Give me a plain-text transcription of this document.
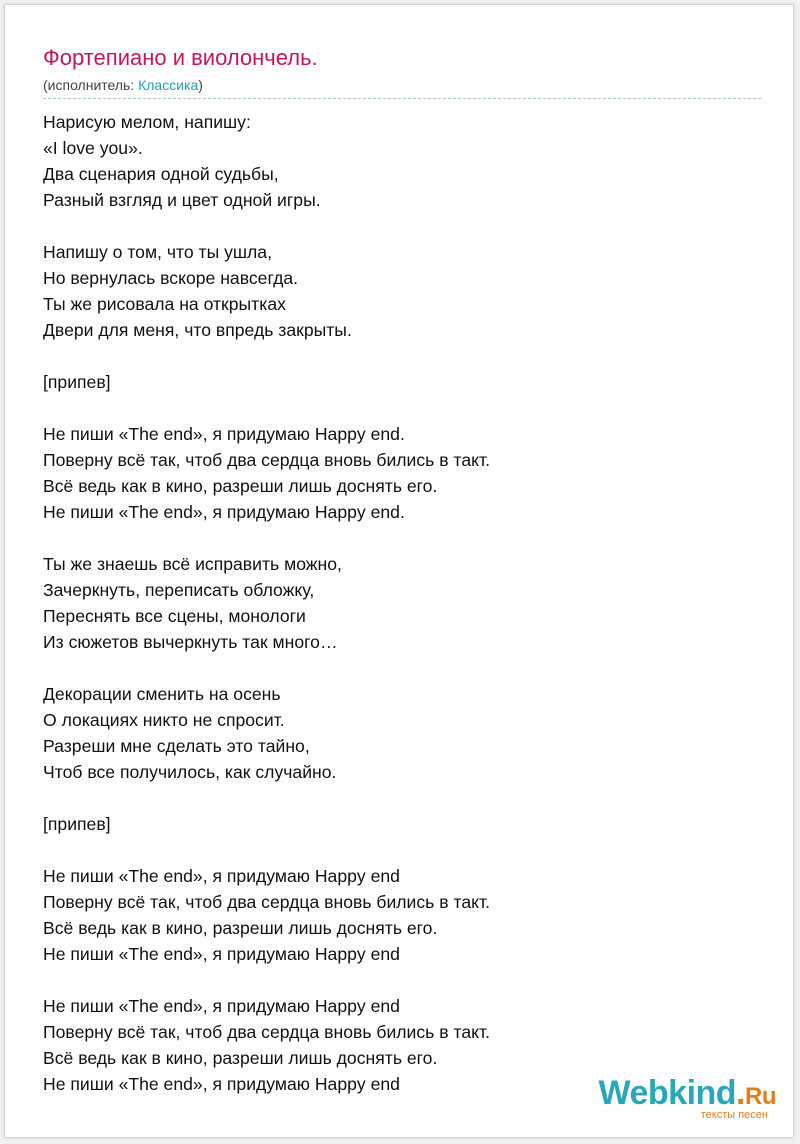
Фортепиано и виолончель.
(исполнитель: Классика)
Нарисую мелом, напишу:
«I love you».
Два сценария одной судьбы,
Разный взгляд и цвет одной игры.
Напишу о том, что ты ушла,
Но вернулась вскоре навсегда.
Ты же рисовала на открытках
Двери для меня, что впредь закрыты.
[припев]
Не пиши «The end», я придумаю Happy end.
Поверну всё так, чтоб два сердца вновь бились в такт.
Всё ведь как в кино, разреши лишь доснять его.
Не пиши «The end», я придумаю Happy end.
Ты же знаешь всё исправить можно,
Зачеркнуть, переписать обложку,
Переснять все сцены, монологи
Из сюжетов вычеркнуть так много…
Декорации сменить на осень
О локациях никто не спросит.
Разреши мне сделать это тайно,
Чтоб все получилось, как случайно.
[припев]
Не пиши «The end», я придумаю Happy end
Поверну всё так, чтоб два сердца вновь бились в такт.
Всё ведь как в кино, разреши лишь доснять его.
Не пиши «The end», я придумаю Happy end
Не пиши «The end», я придумаю Happy end
Поверну всё так, чтоб два сердца вновь бились в такт.
Всё ведь как в кино, разреши лишь доснять его.
Не пиши «The end», я придумаю Happy end	Webkind.Ru
тексты песен
